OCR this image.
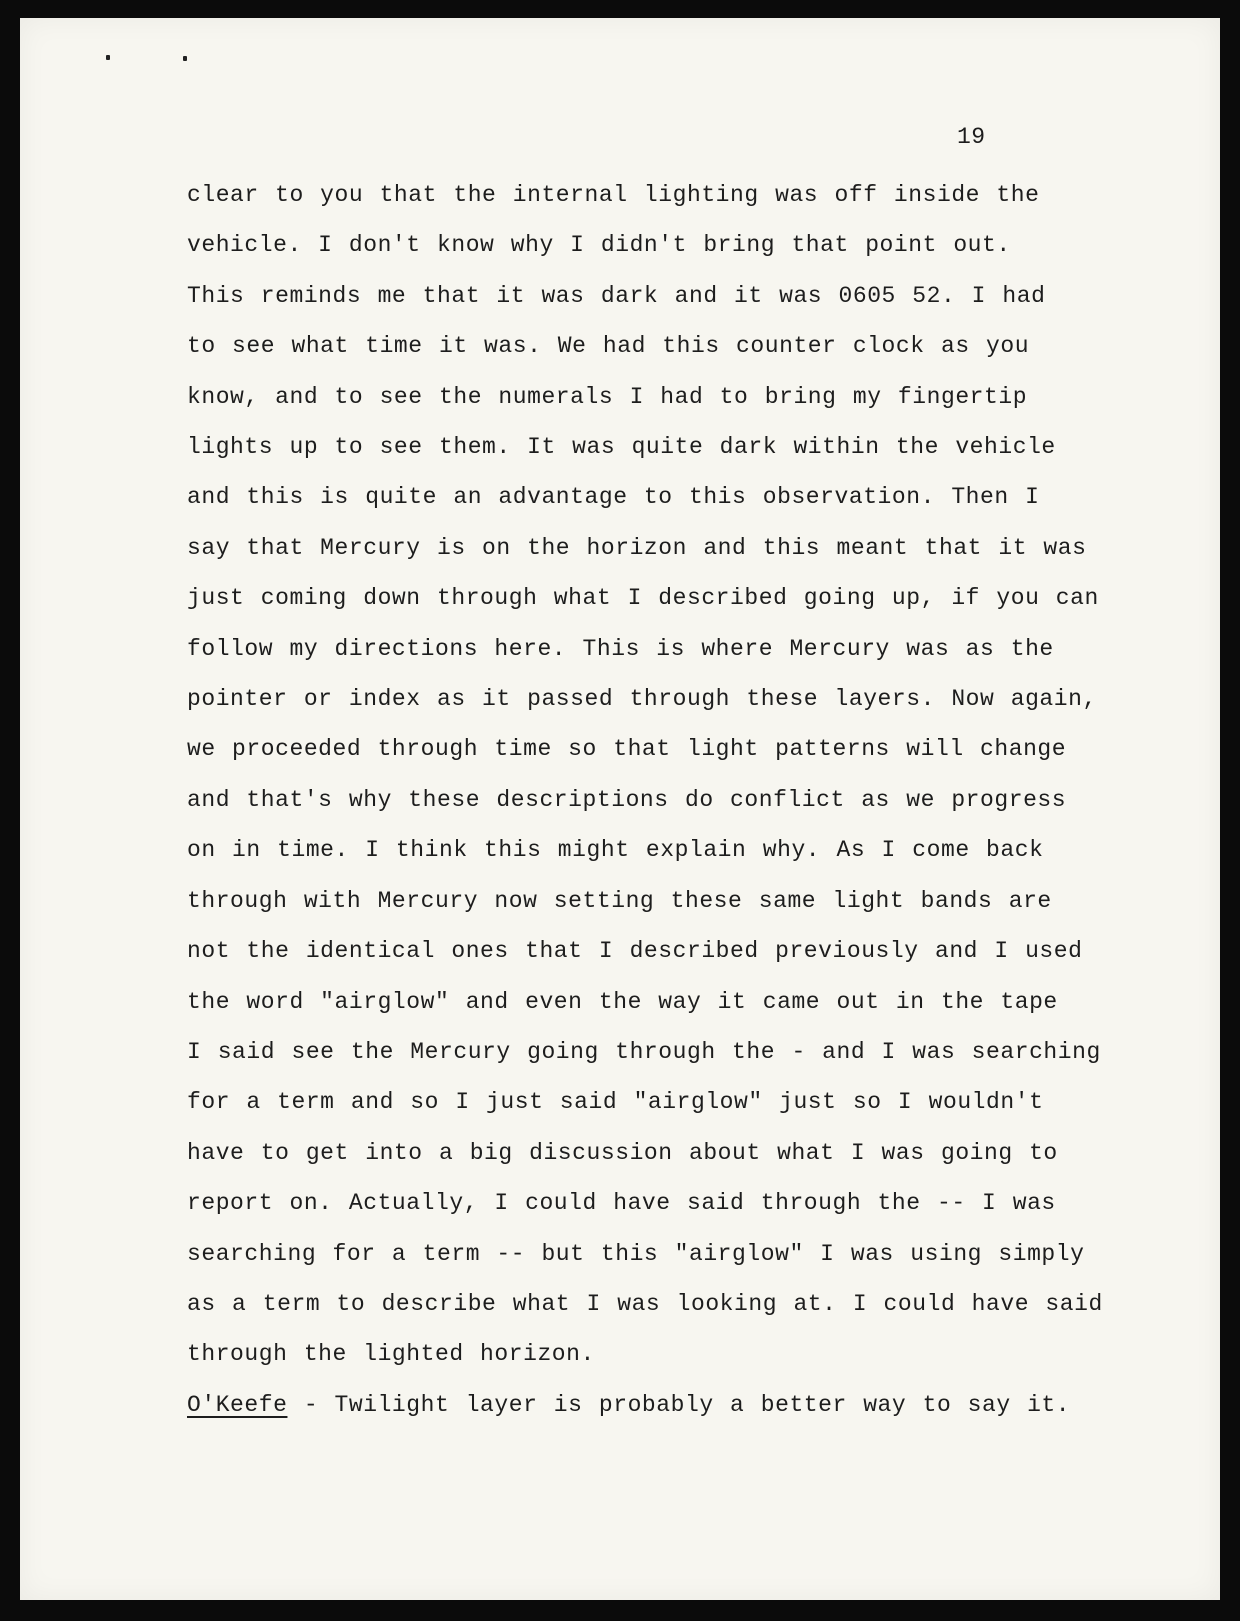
19
clear to you that the internal lighting was off inside the
vehicle. I don't know why I didn't bring that point out.
This reminds me that it was dark and it was 0605 52. I had
to see what time it was. We had this counter clock as you
know, and to see the numerals I had to bring my fingertip
lights up to see them. It was quite dark within the vehicle
and this is quite an advantage to this observation. Then I
say that Mercury is on the horizon and this meant that it was
just coming down through what I described going up, if you can
follow my directions here. This is where Mercury was as the
pointer or index as it passed through these layers. Now again,
we proceeded through time so that light patterns will change
and that's why these descriptions do conflict as we progress
on in time. I think this might explain why. As I come back
through with Mercury now setting these same light bands are
not the identical ones that I described previously and I used
the word "airglow" and even the way it came out in the tape
I said see the Mercury going through the - and I was searching
for a term and so I just said "airglow" just so I wouldn't
have to get into a big discussion about what I was going to
report on. Actually, I could have said through the -- I was
searching for a term -- but this "airglow" I was using simply
as a term to describe what I was looking at. I could have said
through the lighted horizon.
O'Keefe - Twilight layer is probably a better way to say it.
